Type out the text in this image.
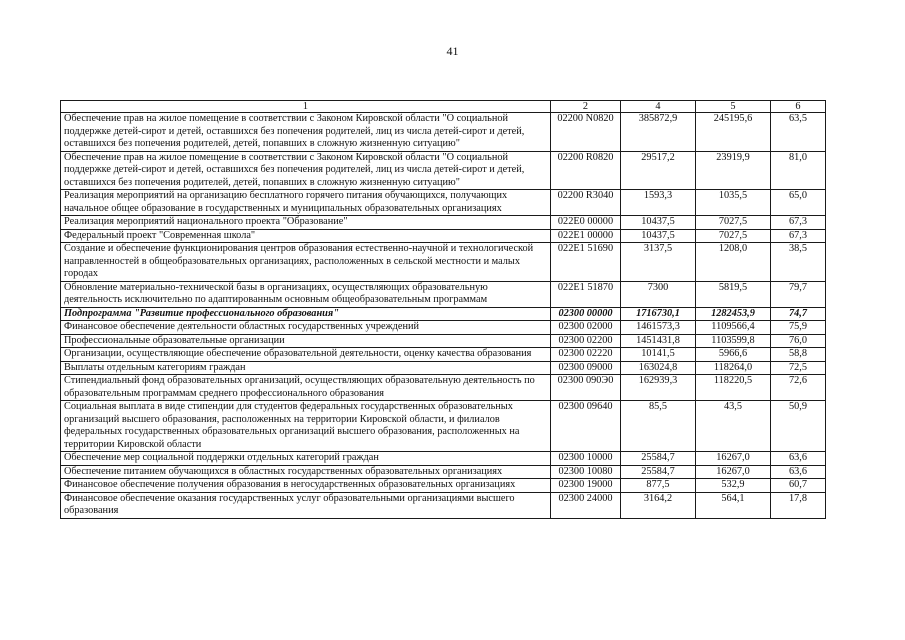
41
1	2	4	5	6
Обеспечение прав на жилое помещение в соответствии с Законом Кировской области "О социальной поддержке детей-сирот и детей, оставшихся без попечения родителей, лиц из числа детей-сирот и детей, оставшихся без попечения родителей, детей, попавших в сложную жизненную ситуацию"	02200 N0820	385872,9	245195,6	63,5
Обеспечение прав на жилое помещение в соответствии с Законом Кировской области "О социальной поддержке детей-сирот и детей, оставшихся без попечения родителей, лиц из числа детей-сирот и детей, оставшихся без попечения родителей, детей, попавших в сложную жизненную ситуацию"	02200 R0820	29517,2	23919,9	81,0
Реализация мероприятий на организацию бесплатного горячего питания обучающихся, получающих начальное общее образование в государственных и муниципальных образовательных организациях	02200 R3040	1593,3	1035,5	65,0
Реализация мероприятий национального проекта "Образование"	022E0 00000	10437,5	7027,5	67,3
Федеральный проект "Современная школа"	022E1 00000	10437,5	7027,5	67,3
Создание и обеспечение функционирования центров образования естественно-научной и технологической направленностей в общеобразовательных организациях, расположенных в сельской местности и малых городах	022E1 51690	3137,5	1208,0	38,5
Обновление материально-технической базы в организациях, осуществляющих образовательную деятельность исключительно по адаптированным основным общеобразовательным программам	022E1 51870	7300	5819,5	79,7
Подпрограмма "Развитие профессионального образования"	02300 00000	1716730,1	1282453,9	74,7
Финансовое обеспечение деятельности областных государственных учреждений	02300 02000	1461573,3	1109566,4	75,9
Профессиональные образовательные организации	02300 02200	1451431,8	1103599,8	76,0
Организации, осуществляющие обеспечение образовательной деятельности, оценку качества образования	02300 02220	10141,5	5966,6	58,8
Выплаты отдельным категориям граждан	02300 09000	163024,8	118264,0	72,5
Стипендиальный фонд образовательных организаций, осуществляющих образовательную деятельность по образовательным программам среднего профессионального образования	02300 090Э0	162939,3	118220,5	72,6
Социальная выплата в виде стипендии для студентов федеральных государственных образовательных организаций высшего образования, расположенных на территории Кировской области, и филиалов федеральных государственных образовательных организаций высшего образования, расположенных на территории Кировской области	02300 09640	85,5	43,5	50,9
Обеспечение мер социальной поддержки отдельных категорий граждан	02300 10000	25584,7	16267,0	63,6
Обеспечение питанием обучающихся в областных государственных образовательных организациях	02300 10080	25584,7	16267,0	63,6
Финансовое обеспечение получения образования в негосударственных образовательных организациях	02300 19000	877,5	532,9	60,7
Финансовое обеспечение оказания государственных услуг образовательными организациями высшего образования	02300 24000	3164,2	564,1	17,8
